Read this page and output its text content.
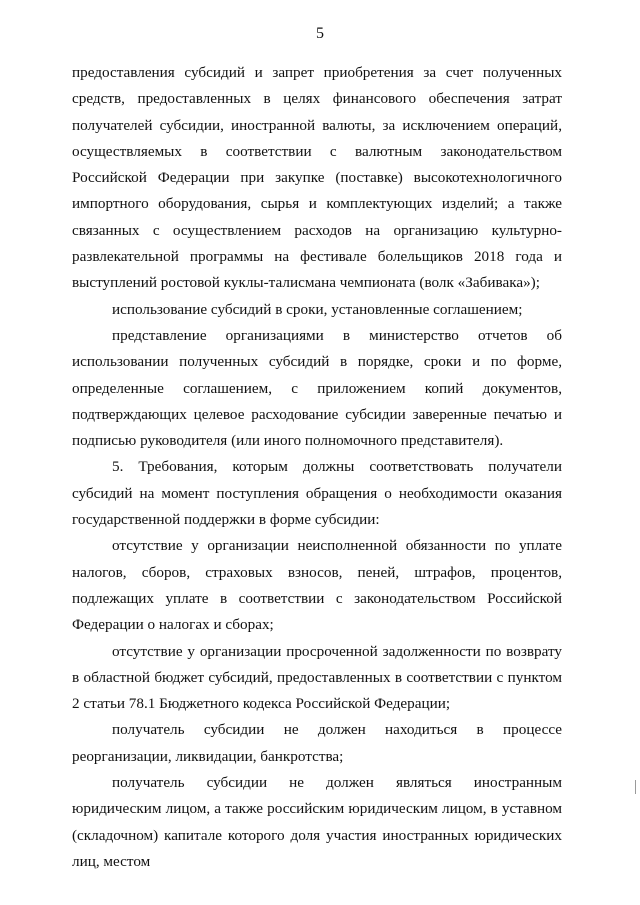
5

предоставления субсидий и запрет приобретения за счет полученных средств, предоставленных в целях финансового обеспечения затрат получателей субсидии, иностранной валюты, за исключением операций, осуществляемых в соответствии с валютным законодательством Российской Федерации при закупке (поставке) высокотехнологичного импортного оборудования, сырья и комплектующих изделий; а также связанных с осуществлением расходов на организацию культурно-развлекательной программы на фестивале болельщиков 2018 года и выступлений ростовой куклы-талисмана чемпионата (волк «Забивака»);

использование субсидий в сроки, установленные соглашением;

представление организациями в министерство отчетов об использовании полученных субсидий в порядке, сроки и по форме, определенные соглашением, с приложением копий документов, подтверждающих целевое расходование субсидии заверенные печатью и подписью руководителя (или иного полномочного представителя).

5. Требования, которым должны соответствовать получатели субсидий на момент поступления обращения о необходимости оказания государственной поддержки в форме субсидии:

отсутствие у организации неисполненной обязанности по уплате налогов, сборов, страховых взносов, пеней, штрафов, процентов, подлежащих уплате в соответствии с законодательством Российской Федерации о налогах и сборах;

отсутствие у организации просроченной задолженности по возврату в областной бюджет субсидий, предоставленных в соответствии с пунктом 2 статьи 78.1 Бюджетного кодекса Российской Федерации;

получатель субсидии не должен находиться в процессе реорганизации, ликвидации, банкротства;

получатель субсидии не должен являться иностранным юридическим лицом, а также российским юридическим лицом, в уставном (складочном) капитале которого доля участия иностранных юридических лиц, местом
